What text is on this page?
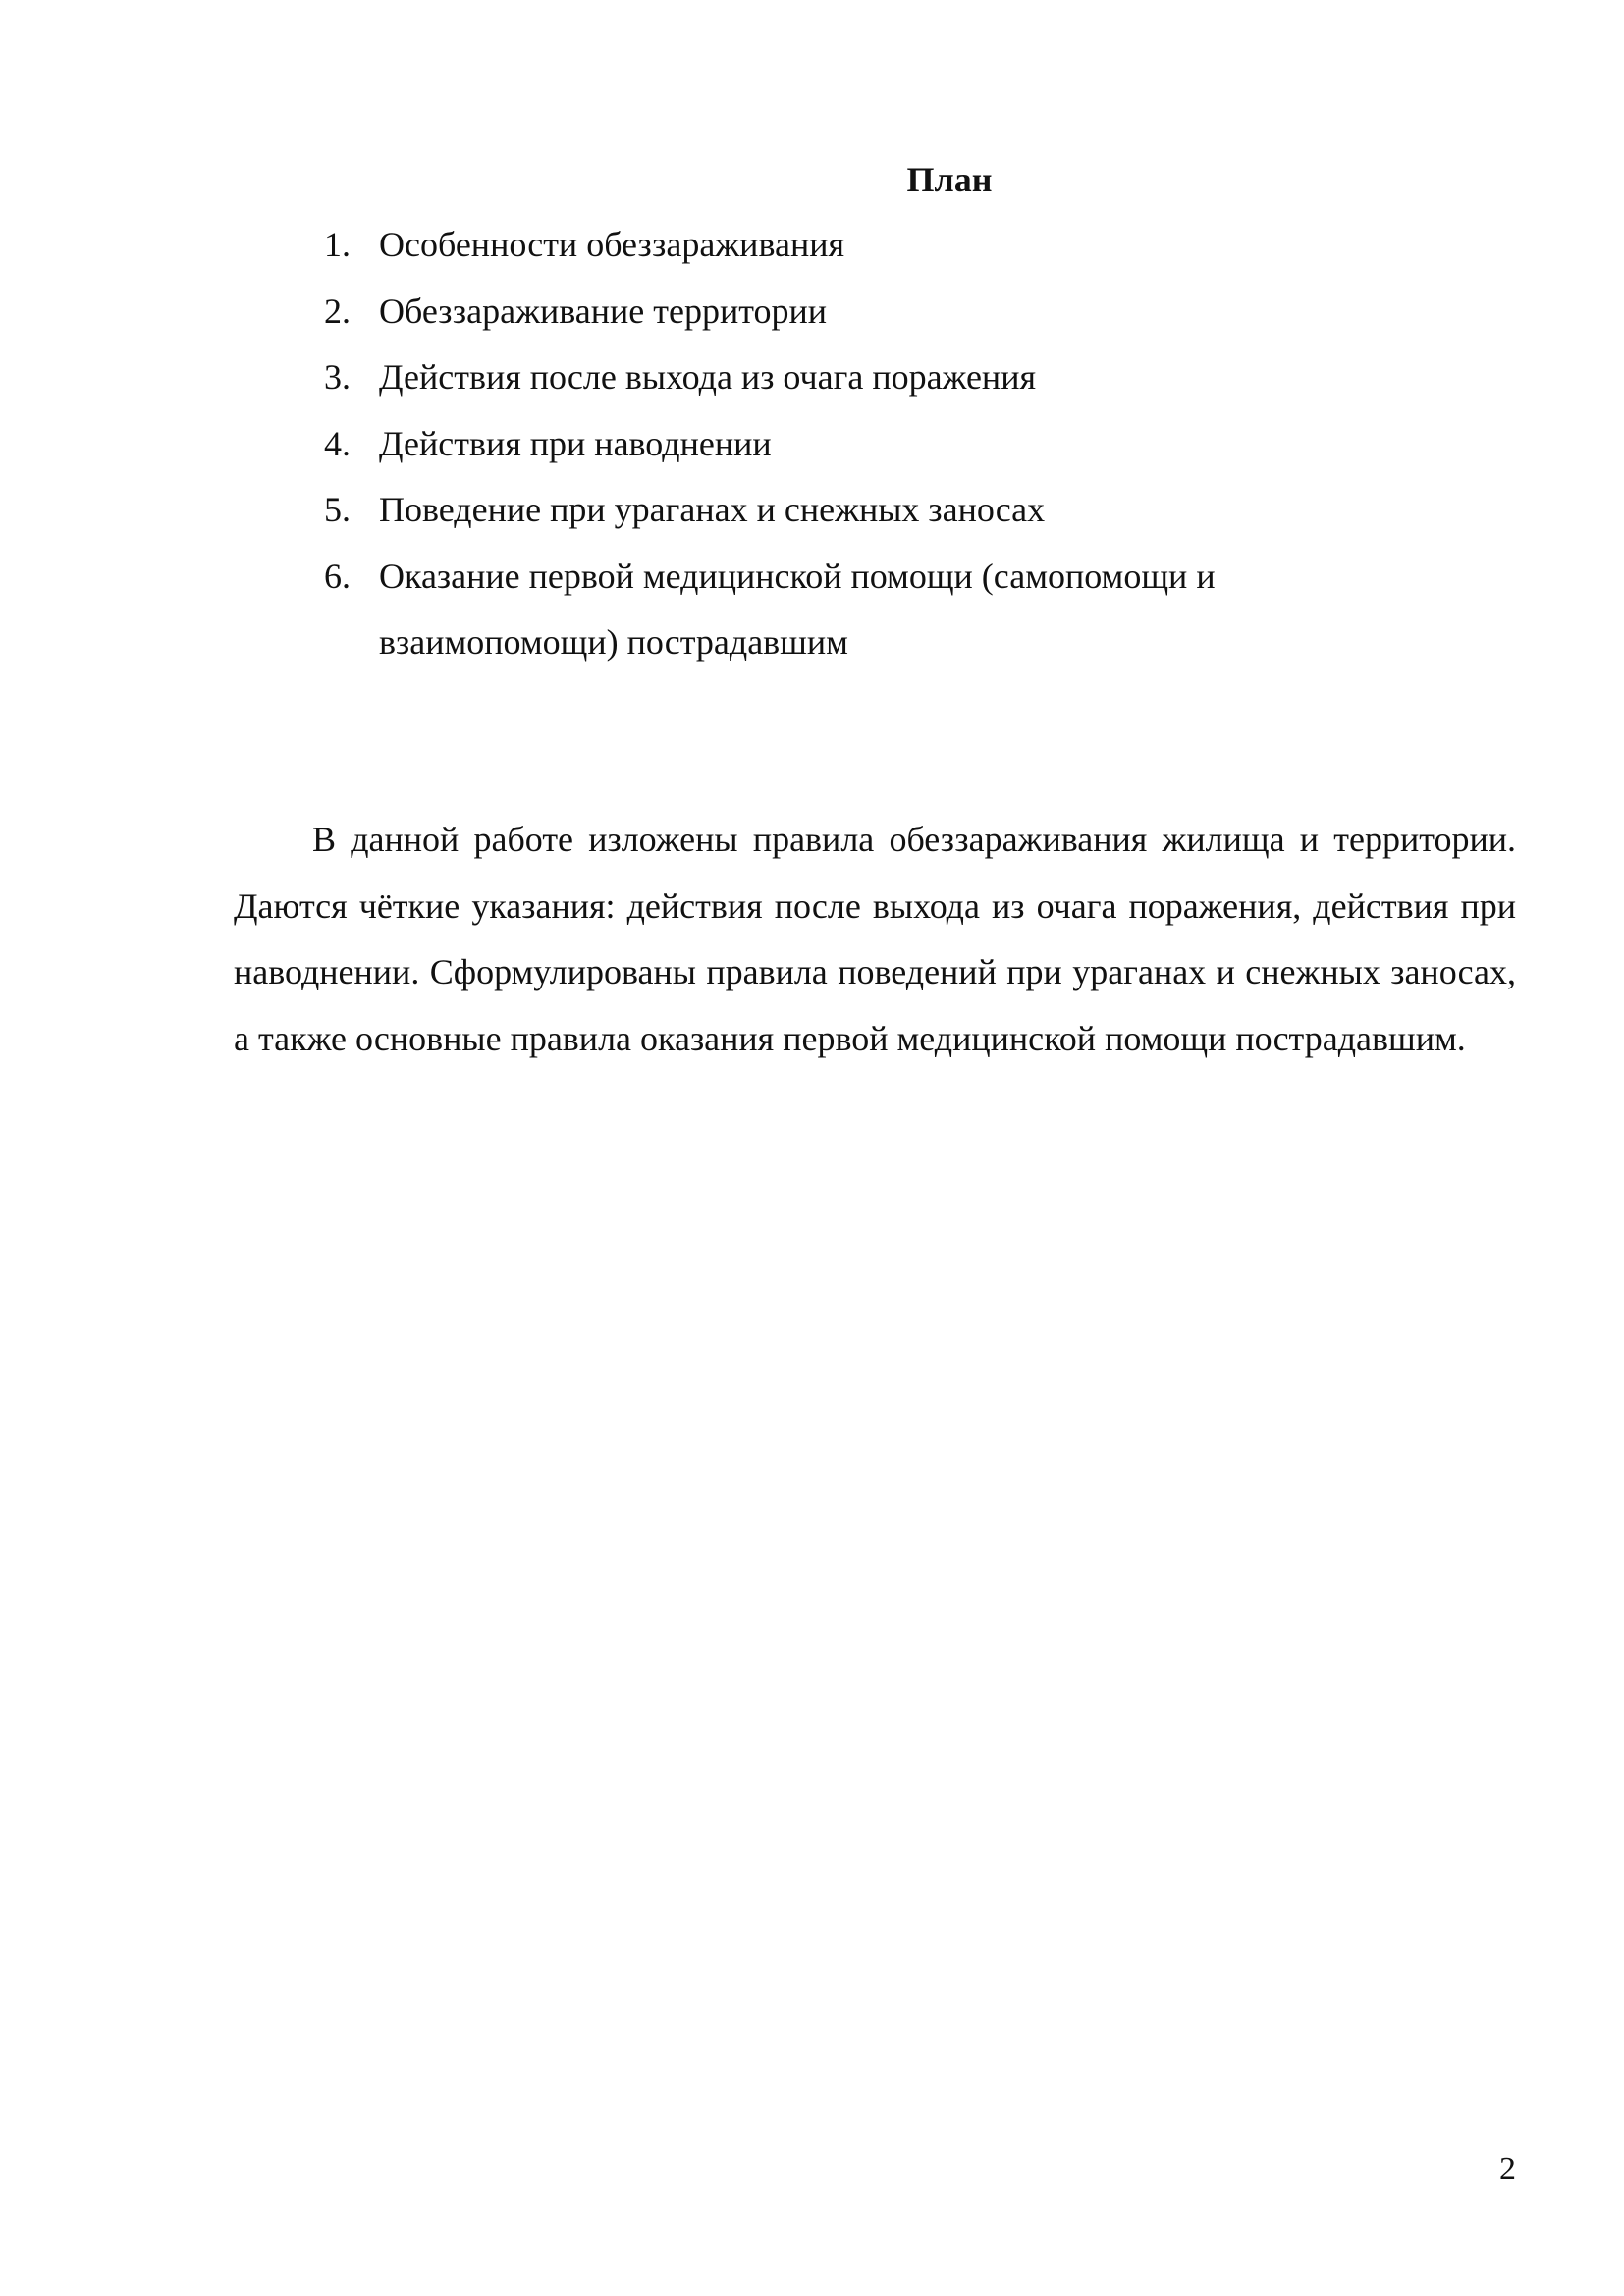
План
1. Особенности обеззараживания
2. Обеззараживание территории
3. Действия после выхода из очага поражения
4. Действия при наводнении
5. Поведение при ураганах и снежных заносах
6. Оказание первой медицинской помощи (самопомощи и взаимопомощи) пострадавшим

В данной работе изложены правила обеззараживания жилища и территории. Даются чёткие указания: действия после выхода из очага поражения, действия при наводнении. Сформулированы правила поведений при ураганах и снежных заносах, а также основные правила оказания первой медицинской помощи пострадавшим.

2
